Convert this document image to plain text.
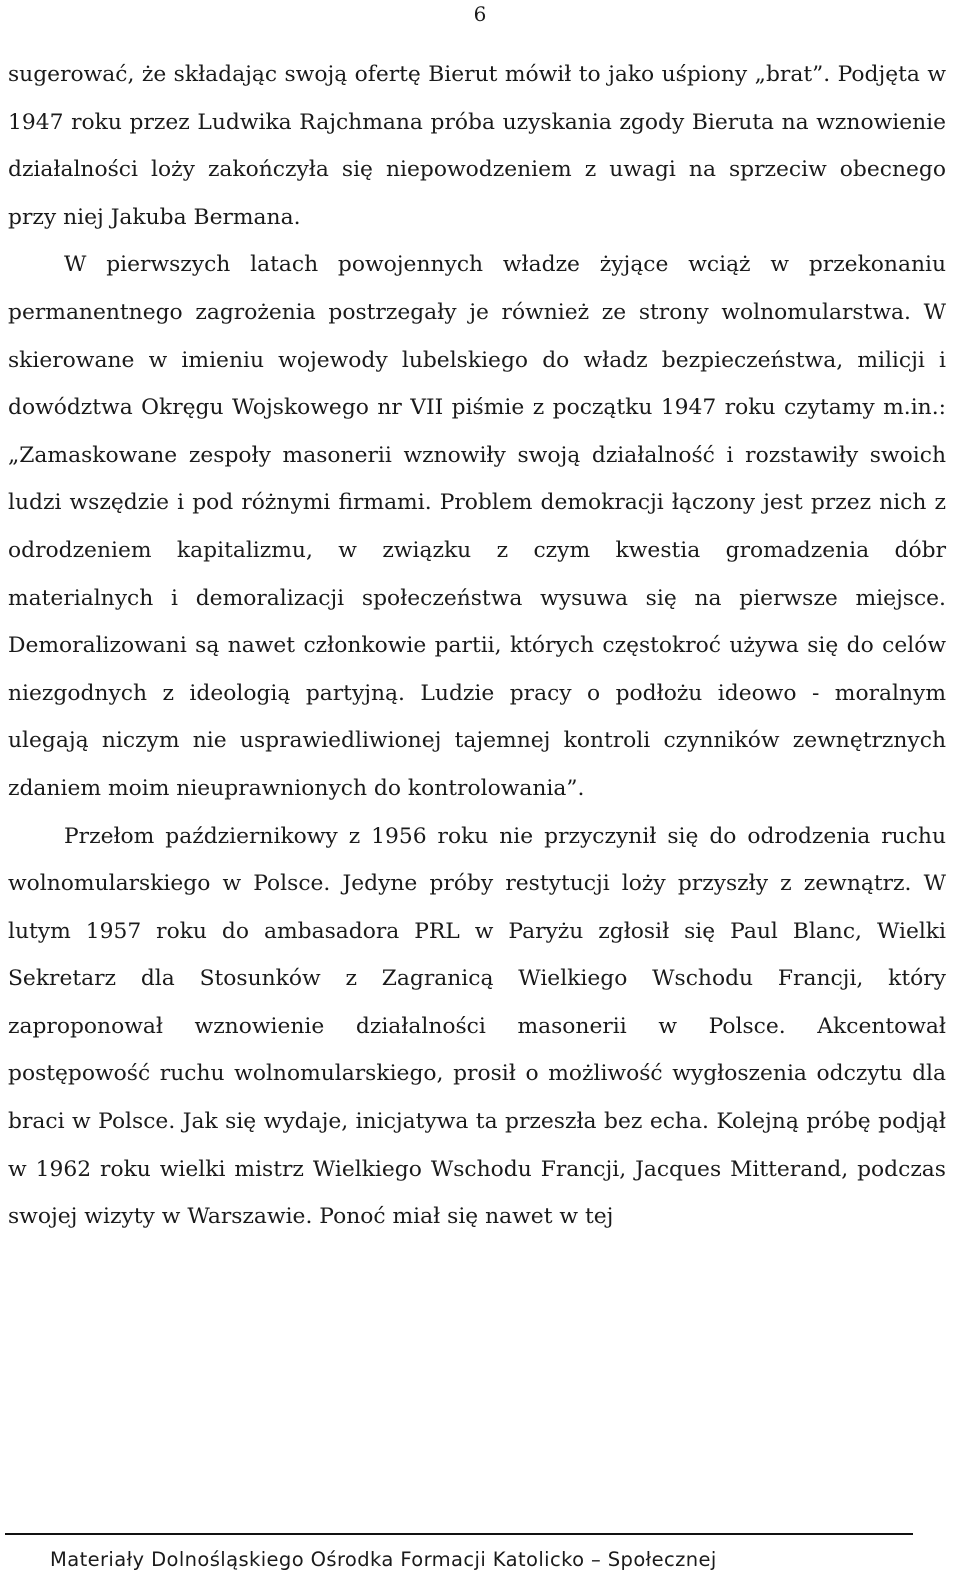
6

sugerować, że składając swoją ofertę Bierut mówił to jako uśpiony „brat”. Podjęta w 1947 roku przez Ludwika Rajchmana próba uzyskania zgody Bieruta na wznowienie działalności loży zakończyła się niepowodzeniem z uwagi na sprzeciw obecnego przy niej Jakuba Bermana.

W pierwszych latach powojennych władze żyjące wciąż w przekonaniu permanentnego zagrożenia postrzegały je również ze strony wolnomularstwa. W skierowane w imieniu wojewody lubelskiego do władz bezpieczeństwa, milicji i dowództwa Okręgu Wojskowego nr VII piśmie z początku 1947 roku czytamy m.in.: „Zamaskowane zespoły masonerii wznowiły swoją działalność i rozstawiły swoich ludzi wszędzie i pod różnymi firmami. Problem demokracji łączony jest przez nich z odrodzeniem kapitalizmu, w związku z czym kwestia gromadzenia dóbr materialnych i demoralizacji społeczeństwa wysuwa się na pierwsze miejsce. Demoralizowani są nawet członkowie partii, których częstokroć używa się do celów niezgodnych z ideologią partyjną. Ludzie pracy o podłożu ideowo - moralnym ulegają niczym nie usprawiedliwionej tajemnej kontroli czynników zewnętrznych zdaniem moim nieuprawnionych do kontrolowania”.

Przełom październikowy z 1956 roku nie przyczynił się do odrodzenia ruchu wolnomularskiego w Polsce. Jedyne próby restytucji loży przyszły z zewnątrz. W lutym 1957 roku do ambasadora PRL w Paryżu zgłosił się Paul Blanc, Wielki Sekretarz dla Stosunków z Zagranicą Wielkiego Wschodu Francji, który zaproponował wznowienie działalności masonerii w Polsce. Akcentował postępowość ruchu wolnomularskiego, prosił o możliwość wygłoszenia odczytu dla braci w Polsce. Jak się wydaje, inicjatywa ta przeszła bez echa. Kolejną próbę podjął w 1962 roku wielki mistrz Wielkiego Wschodu Francji, Jacques Mitterand, podczas swojej wizyty w Warszawie. Ponoć miał się nawet w tej

Materiały Dolnośląskiego Ośrodka Formacji Katolicko – Społecznej
